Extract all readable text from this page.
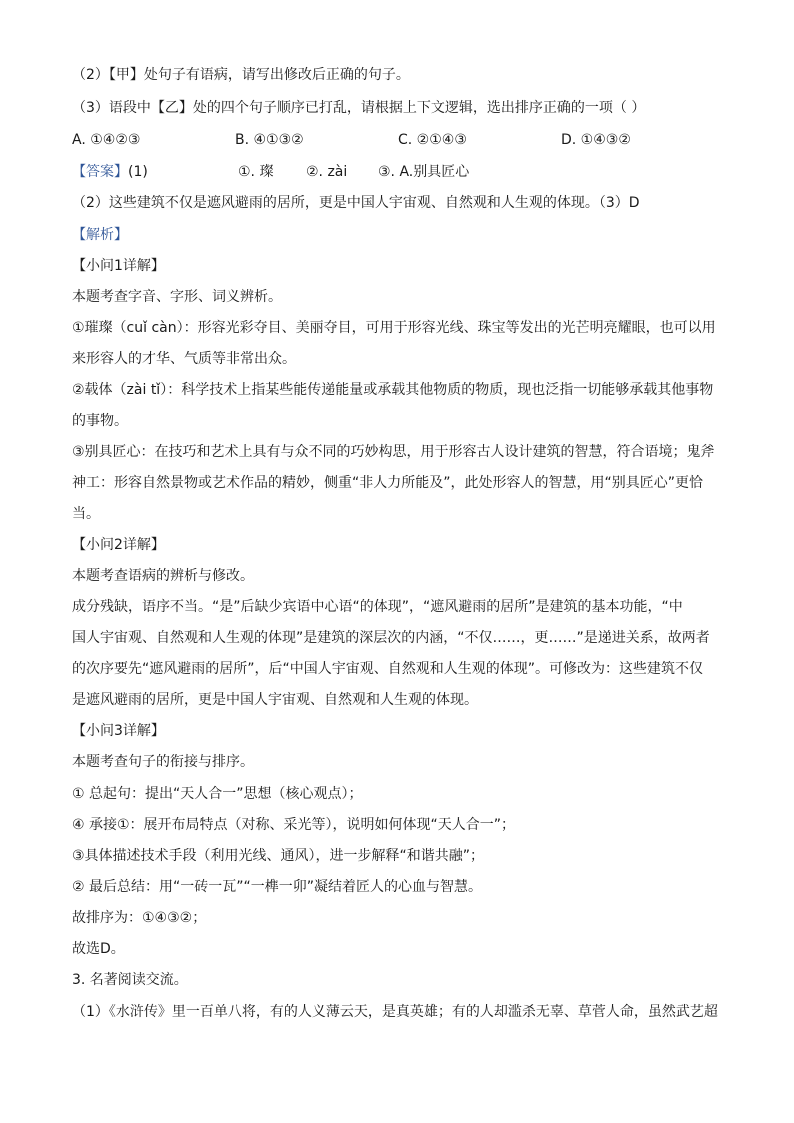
（2）【甲】处句子有语病，请写出修改后正确的句子。
（3）语段中【乙】处的四个句子顺序已打乱，请根据上下文逻辑，选出排序正确的一项（ ）
A. ①④②③	B. ④①③②	C. ②①④③	D. ①④③②
【答案】(1)	①. 璨 ②. zài ③. A.别具匠心
（2）这些建筑不仅是遮风避雨的居所，更是中国人宇宙观、自然观和人生观的体现。（3）D
【解析】
【小问1详解】
本题考查字音、字形、词义辨析。
①璀璨（cuǐ càn）：形容光彩夺目、美丽夺目，可用于形容光线、珠宝等发出的光芒明亮耀眼，也可以用
来形容人的才华、气质等非常出众。
②载体（zài tǐ）：科学技术上指某些能传递能量或承载其他物质的物质，现也泛指一切能够承载其他事物
的事物。
③别具匠心：在技巧和艺术上具有与众不同的巧妙构思，用于形容古人设计建筑的智慧，符合语境；鬼斧
神工：形容自然景物或艺术作品的精妙，侧重“非人力所能及”，此处形容人的智慧，用“别具匠心”更恰
当。
【小问2详解】
本题考查语病的辨析与修改。
成分残缺，语序不当。“是”后缺少宾语中心语“的体现”，“遮风避雨的居所”是建筑的基本功能，“中
国人宇宙观、自然观和人生观的体现”是建筑的深层次的内涵，“不仅……，更……”是递进关系，故两者
的次序要先“遮风避雨的居所”，后“中国人宇宙观、自然观和人生观的体现”。可修改为：这些建筑不仅
是遮风避雨的居所，更是中国人宇宙观、自然观和人生观的体现。
【小问3详解】
本题考查句子的衔接与排序。
① 总起句：提出“天人合一”思想（核心观点）；
④ 承接①：展开布局特点（对称、采光等），说明如何体现“天人合一”；
③具体描述技术手段（利用光线、通风），进一步解释“和谐共融”；
② 最后总结：用“一砖一瓦”“一榫一卯”凝结着匠人的心血与智慧。
故排序为：①④③②；
故选D。
3. 名著阅读交流。
（1）《水浒传》里一百单八将，有的人义薄云天，是真英雄；有的人却滥杀无辜、草菅人命，虽然武艺超
